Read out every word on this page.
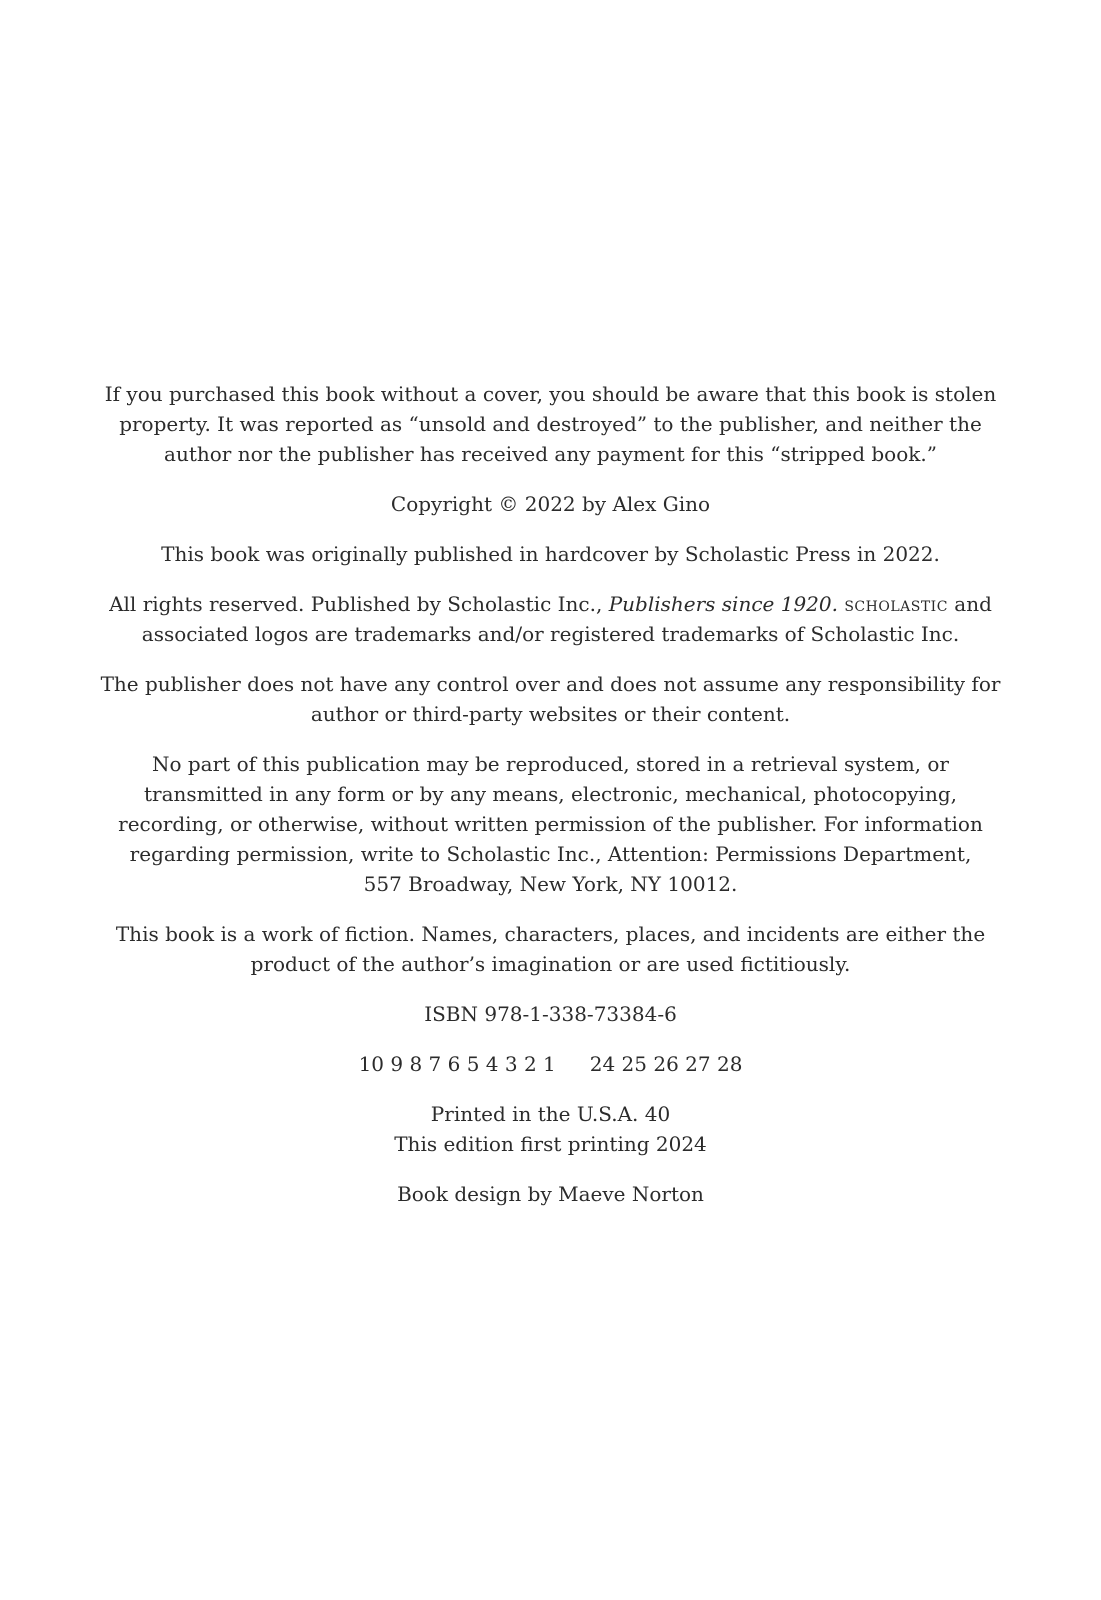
If you purchased this book without a cover, you should be aware that this book is stolen
property. It was reported as “unsold and destroyed” to the publisher, and neither the
author nor the publisher has received any payment for this “stripped book.”

Copyright © 2022 by Alex Gino

This book was originally published in hardcover by Scholastic Press in 2022.

All rights reserved. Published by Scholastic Inc., Publishers since 1920. scholastic and
associated logos are trademarks and/or registered trademarks of Scholastic Inc.

The publisher does not have any control over and does not assume any responsibility for
author or third-party websites or their content.

No part of this publication may be reproduced, stored in a retrieval system, or
transmitted in any form or by any means, electronic, mechanical, photocopying,
recording, or otherwise, without written permission of the publisher. For information
regarding permission, write to Scholastic Inc., Attention: Permissions Department,
557 Broadway, New York, NY 10012.

This book is a work of fiction. Names, characters, places, and incidents are either the
product of the author’s imagination or are used fictitiously.

ISBN 978-1-338-73384-6

10 9 8 7 6 5 4 3 2 1 24 25 26 27 28

Printed in the U.S.A. 40
This edition first printing 2024

Book design by Maeve Norton
